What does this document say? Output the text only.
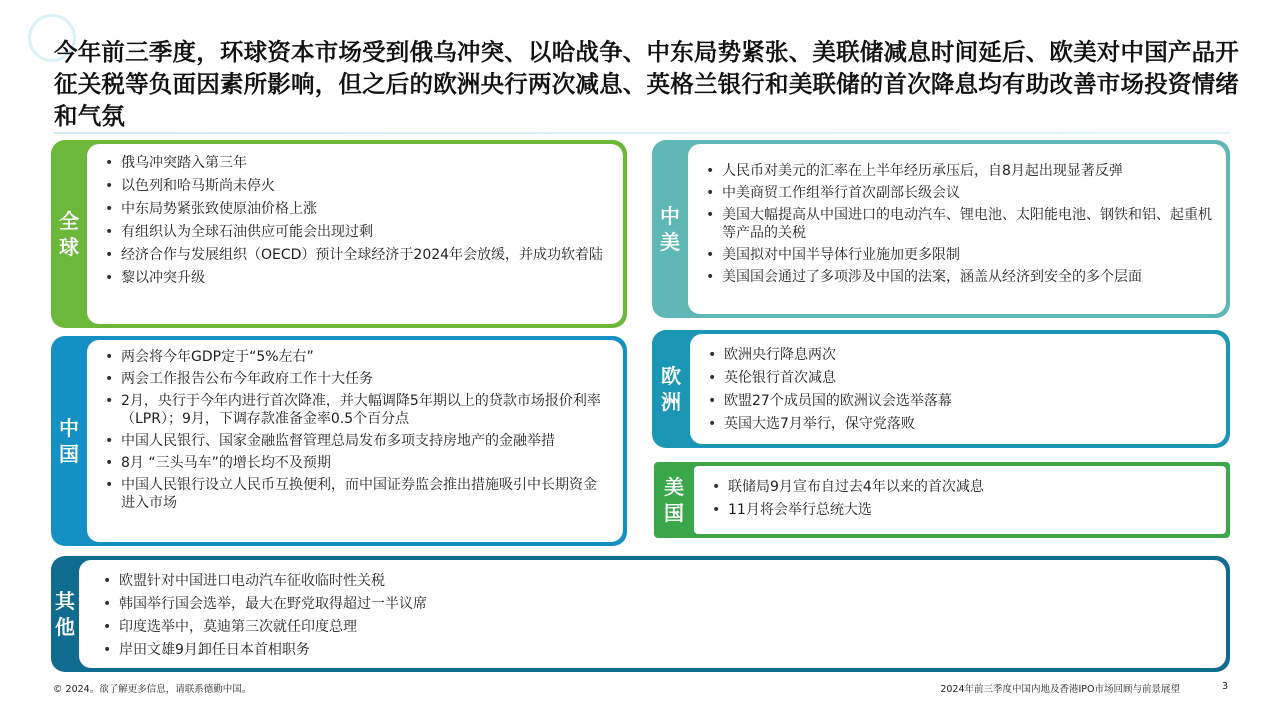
今年前三季度，环球资本市场受到俄乌冲突、以哈战争、中东局势紧张、美联储减息时间延后、欧美对中国产品开征关税等负面因素所影响，但之后的欧洲央行两次减息、英格兰银行和美联储的首次降息均有助改善市场投资情绪和气氛
全
球
• 俄乌冲突踏入第三年
• 以色列和哈马斯尚未停火
• 中东局势紧张致使原油价格上涨
• 有组织认为全球石油供应可能会出现过剩
• 经济合作与发展组织（OECD）预计全球经济于2024年会放缓，并成功软着陆
• 黎以冲突升级
中
国
• 两会将今年GDP定于“5%左右”
• 两会工作报告公布今年政府工作十大任务
• 2月，央行于今年内进行首次降准，并大幅调降5年期以上的贷款市场报价利率（LPR）；9月，下调存款准备金率0.5个百分点
• 中国人民银行、国家金融监督管理总局发布多项支持房地产的金融举措
• 8月 “三头马车”的增长均不及预期
• 中国人民银行设立人民币互换便利，而中国证券监会推出措施吸引中长期资金进入市场
中
美
• 人民币对美元的汇率在上半年经历承压后，自8月起出现显著反弹
• 中美商贸工作组举行首次副部长级会议
• 美国大幅提高从中国进口的电动汽车、锂电池、太阳能电池、钢铁和铝、起重机等产品的关税
• 美国拟对中国半导体行业施加更多限制
• 美国国会通过了多项涉及中国的法案，涵盖从经济到安全的多个层面
欧
洲
• 欧洲央行降息两次
• 英伦银行首次减息
• 欧盟27个成员国的欧洲议会选举落幕
• 英国大选7月举行，保守党落败
美
国
• 联储局9月宣布自过去4年以来的首次减息
• 11月将会举行总统大选
其
他
• 欧盟针对中国进口电动汽车征收临时性关税
• 韩国举行国会选举，最大在野党取得超过一半议席
• 印度选举中，莫迪第三次就任印度总理
• 岸田文雄9月卸任日本首相职务
© 2024。欲了解更多信息，请联系德勤中国。	2024年前三季度中国内地及香港IPO市场回顾与前景展望	3
